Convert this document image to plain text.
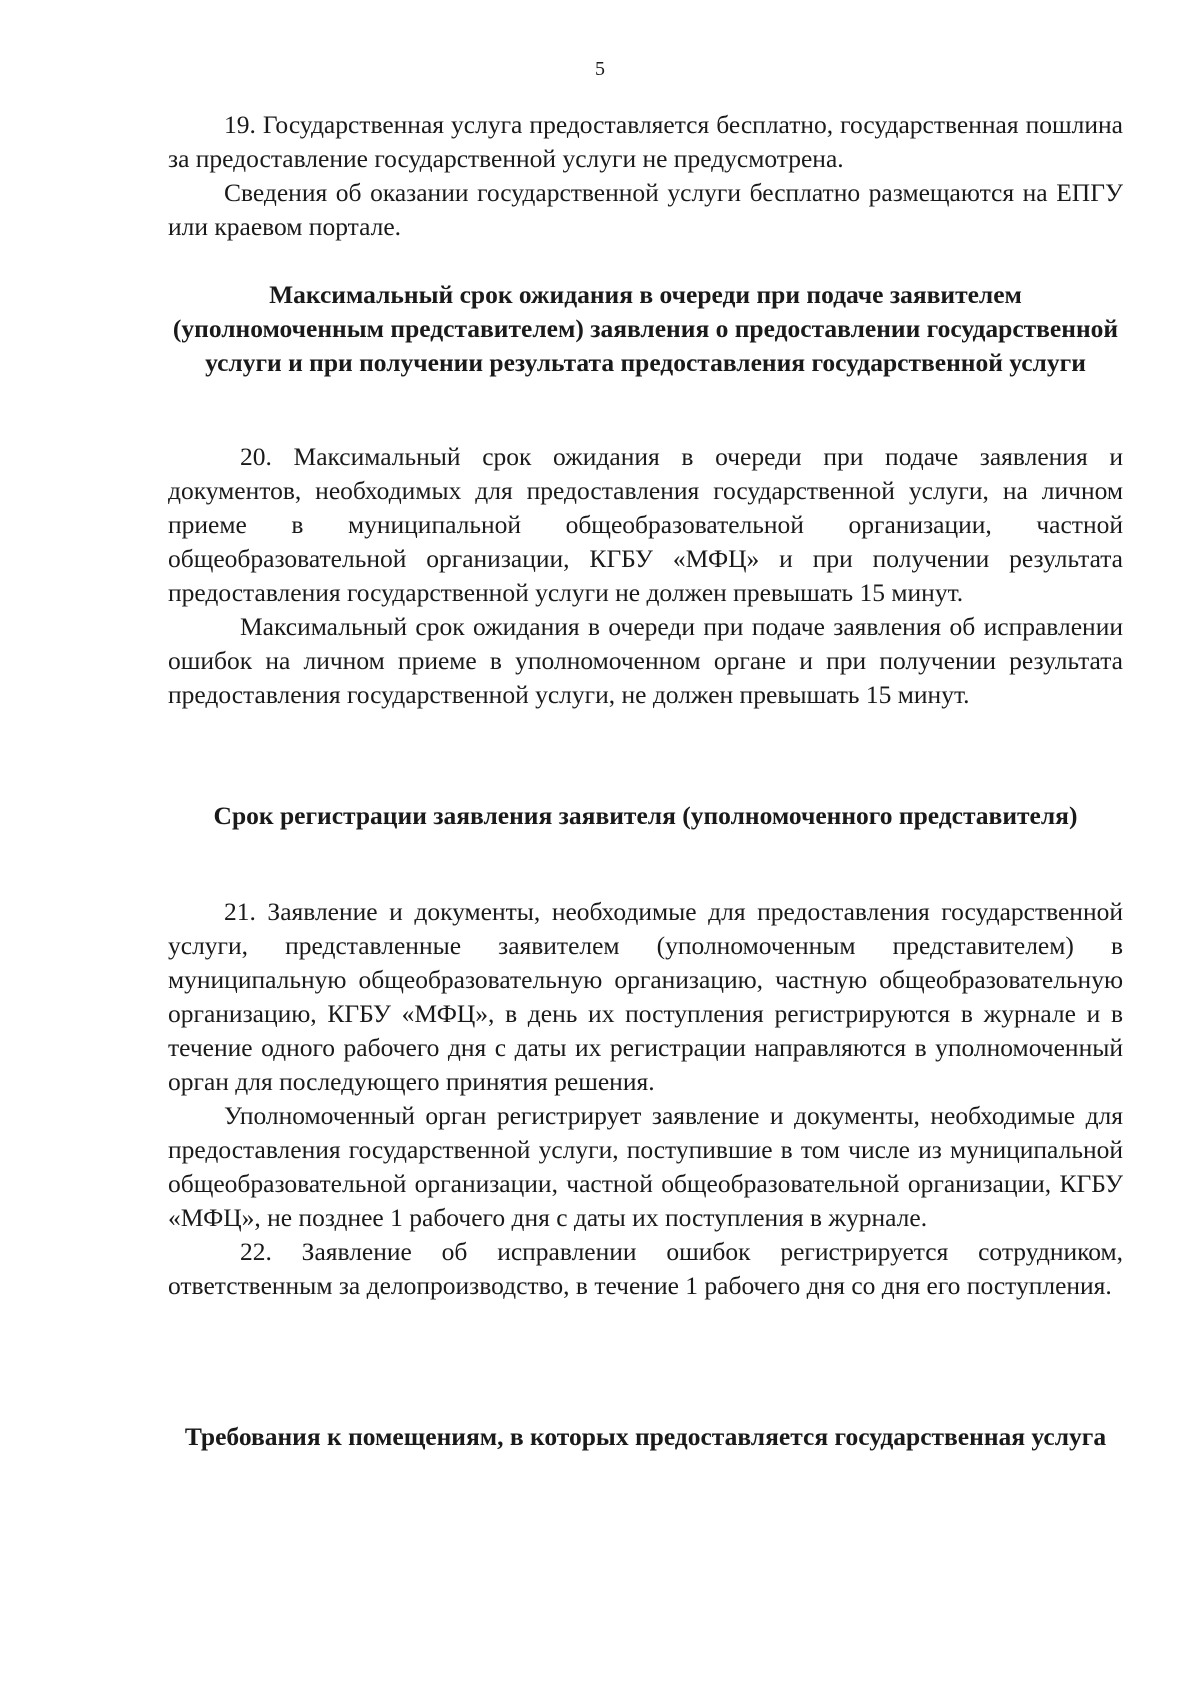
5

19. Государственная услуга предоставляется бесплатно, государственная пошлина за предоставление государственной услуги не предусмотрена.

Сведения об оказании государственной услуги бесплатно размещаются на ЕПГУ или краевом портале.

Максимальный срок ожидания в очереди при подаче заявителем (уполномоченным представителем) заявления о предоставлении государственной услуги и при получении результата предоставления государственной услуги

20. Максимальный срок ожидания в очереди при подаче заявления и документов, необходимых для предоставления государственной услуги, на личном приеме в муниципальной общеобразовательной организации, частной общеобразовательной организации, КГБУ «МФЦ» и при получении результата предоставления государственной услуги не должен превышать 15 минут.

Максимальный срок ожидания в очереди при подаче заявления об исправлении ошибок на личном приеме в уполномоченном органе и при получении результата предоставления государственной услуги, не должен превышать 15 минут.

Срок регистрации заявления заявителя (уполномоченного представителя)

21. Заявление и документы, необходимые для предоставления государственной услуги, представленные заявителем (уполномоченным представителем) в муниципальную общеобразовательную организацию, частную общеобразовательную организацию, КГБУ «МФЦ», в день их поступления регистрируются в журнале и в течение одного рабочего дня с даты их регистрации направляются в уполномоченный орган для последующего принятия решения.

Уполномоченный орган регистрирует заявление и документы, необходимые для предоставления государственной услуги, поступившие в том числе из муниципальной общеобразовательной организации, частной общеобразовательной организации, КГБУ «МФЦ», не позднее 1 рабочего дня с даты их поступления в журнале.

22. Заявление об исправлении ошибок регистрируется сотрудником, ответственным за делопроизводство, в течение 1 рабочего дня со дня его поступления.

Требования к помещениям, в которых предоставляется государственная услуга
